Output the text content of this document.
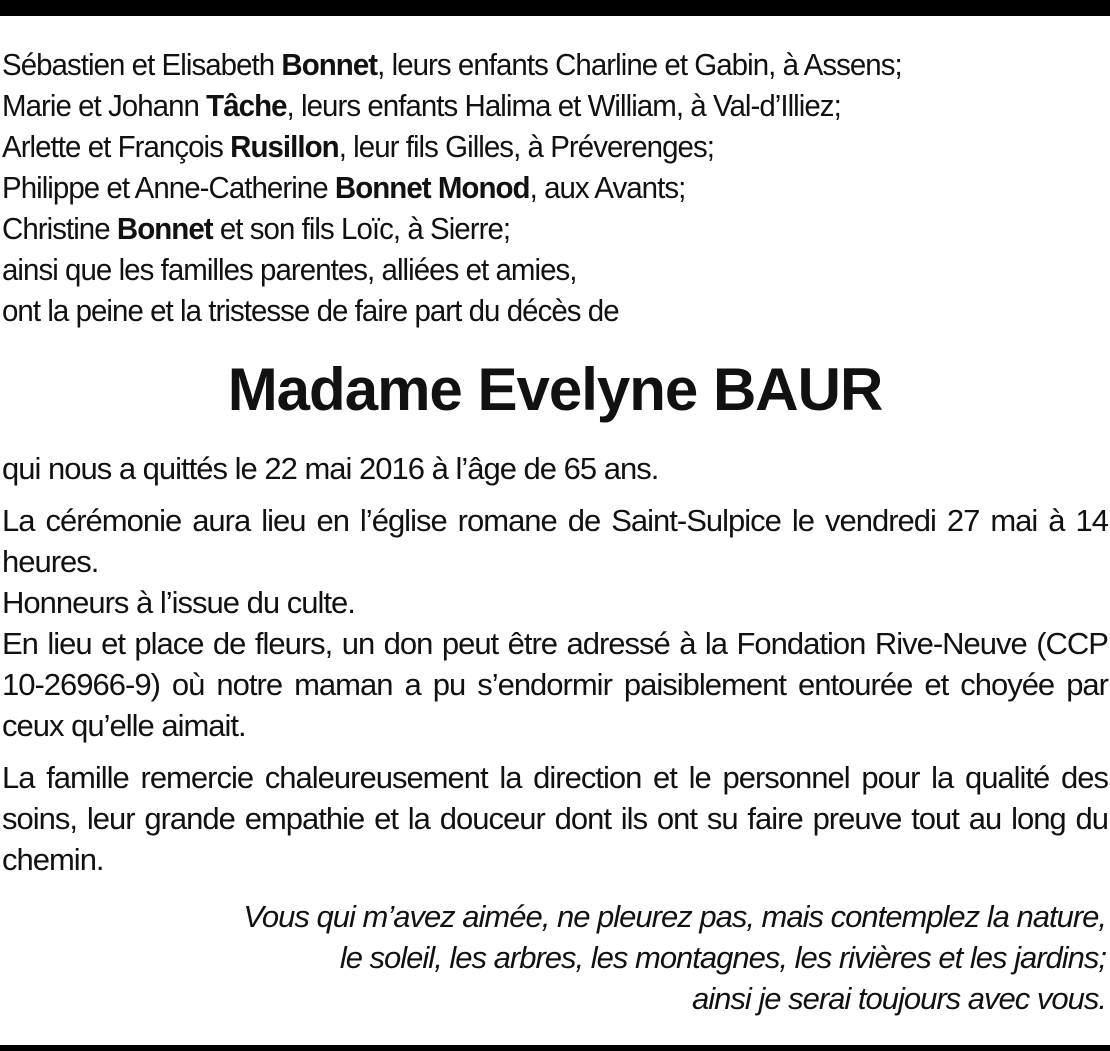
Sébastien et Elisabeth Bonnet, leurs enfants Charline et Gabin, à Assens;
Marie et Johann Tâche, leurs enfants Halima et William, à Val-d’Illiez;
Arlette et François Rusillon, leur fils Gilles, à Préverenges;
Philippe et Anne-Catherine Bonnet Monod, aux Avants;
Christine Bonnet et son fils Loïc, à Sierre;
ainsi que les familles parentes, alliées et amies,
ont la peine et la tristesse de faire part du décès de
Madame Evelyne BAUR

qui nous a quittés le 22 mai 2016 à l’âge de 65 ans.

La cérémonie aura lieu en l’église romane de Saint-Sulpice le vendredi 27 mai à 14 heures.
Honneurs à l’issue du culte.
En lieu et place de fleurs, un don peut être adressé à la Fondation Rive-Neuve (CCP 10-26966-9) où notre maman a pu s’endormir paisiblement entourée et choyée par ceux qu’elle aimait.

La famille remercie chaleureusement la direction et le personnel pour la qualité des soins, leur grande empathie et la douceur dont ils ont su faire preuve tout au long du chemin.

Vous qui m’avez aimée, ne pleurez pas, mais contemplez la nature,
le soleil, les arbres, les montagnes, les rivières et les jardins;
ainsi je serai toujours avec vous.
